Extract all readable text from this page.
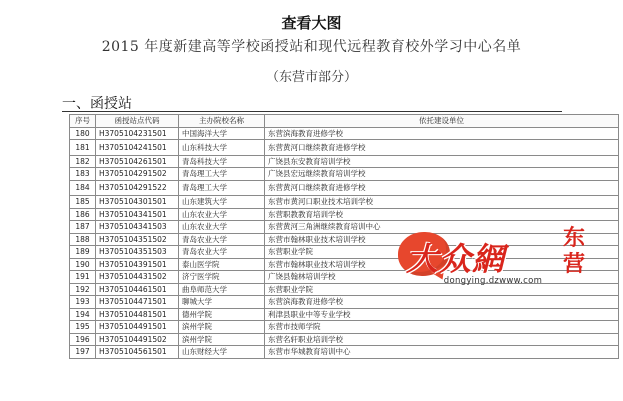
查看大图
2015 年度新建高等学校函授站和现代远程教育校外学习中心名单
（东营市部分）
一、函授站
序号	函授站点代码	主办院校名称	依托建设单位
180	H3705104231501	中国海洋大学	东营滨海教育进修学校
181	H3705104241501	山东科技大学	东营黄河口继续教育进修学校
182	H3705104261501	青岛科技大学	广饶县东安教育培训学校
183	H3705104291502	青岛理工大学	广饶县宏远继续教育培训学校
184	H3705104291522	青岛理工大学	东营黄河口继续教育进修学校
185	H3705104301501	山东建筑大学	东营市黄河口职业技术培训学校
186	H3705104341501	山东农业大学	东营职教教育培训学校
187	H3705104341503	山东农业大学	东营黄河三角洲继续教育培训中心
188	H3705104351502	青岛农业大学	东营市翰林职业技术培训学校
189	H3705104351503	青岛农业大学	东营职业学院
190	H3705104391501	泰山医学院	东营市翰林职业技术培训学校
191	H3705104431502	济宁医学院	广饶县翰林培训学校
192	H3705104461501	曲阜师范大学	东营职业学院
193	H3705104471501	聊城大学	东营滨海教育进修学校
194	H3705104481501	德州学院	利津县职业中等专业学校
195	H3705104491501	滨州学院	东营市技师学院
196	H3705104491502	滨州学院	东营名轩职业培训学校
197	H3705104561501	山东财经大学	东营市华城教育培训中心
大众網
东
营
dongying.dzwww.com
